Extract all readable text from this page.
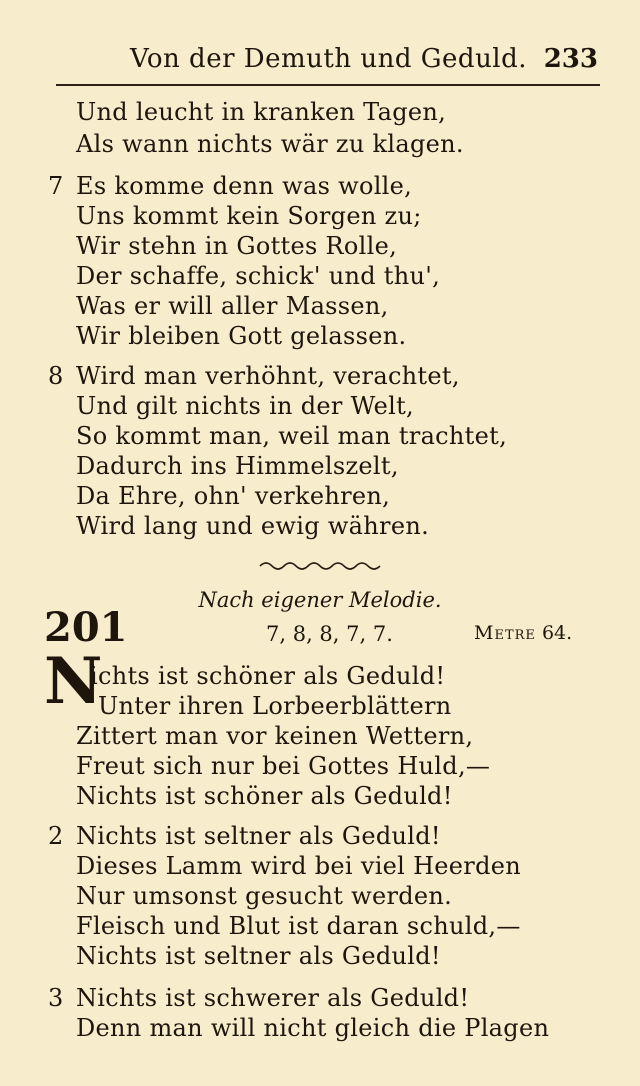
Von der Demuth und Geduld. 233
Und leucht in kranken Tagen,
Als wann nichts wär zu klagen.
7 Es komme denn was wolle,
Uns kommt kein Sorgen zu;
Wir stehn in Gottes Rolle,
Der schaffe, schick' und thu',
Was er will aller Massen,
Wir bleiben Gott gelassen.
8 Wird man verhöhnt, verachtet,
Und gilt nichts in der Welt,
So kommt man, weil man trachtet,
Dadurch ins Himmelszelt,
Da Ehre, ohn' verkehren,
Wird lang und ewig währen.
Nach eigener Melodie.
201	7, 8, 8, 7, 7.	Metre 64.
N
ichts ist schöner als Geduld!
Unter ihren Lorbeerblättern
Zittert man vor keinen Wettern,
Freut sich nur bei Gottes Huld,—
Nichts ist schöner als Geduld!
2 Nichts ist seltner als Geduld!
Dieses Lamm wird bei viel Heerden
Nur umsonst gesucht werden.
Fleisch und Blut ist daran schuld,—
Nichts ist seltner als Geduld!
3 Nichts ist schwerer als Geduld!
Denn man will nicht gleich die Plagen
